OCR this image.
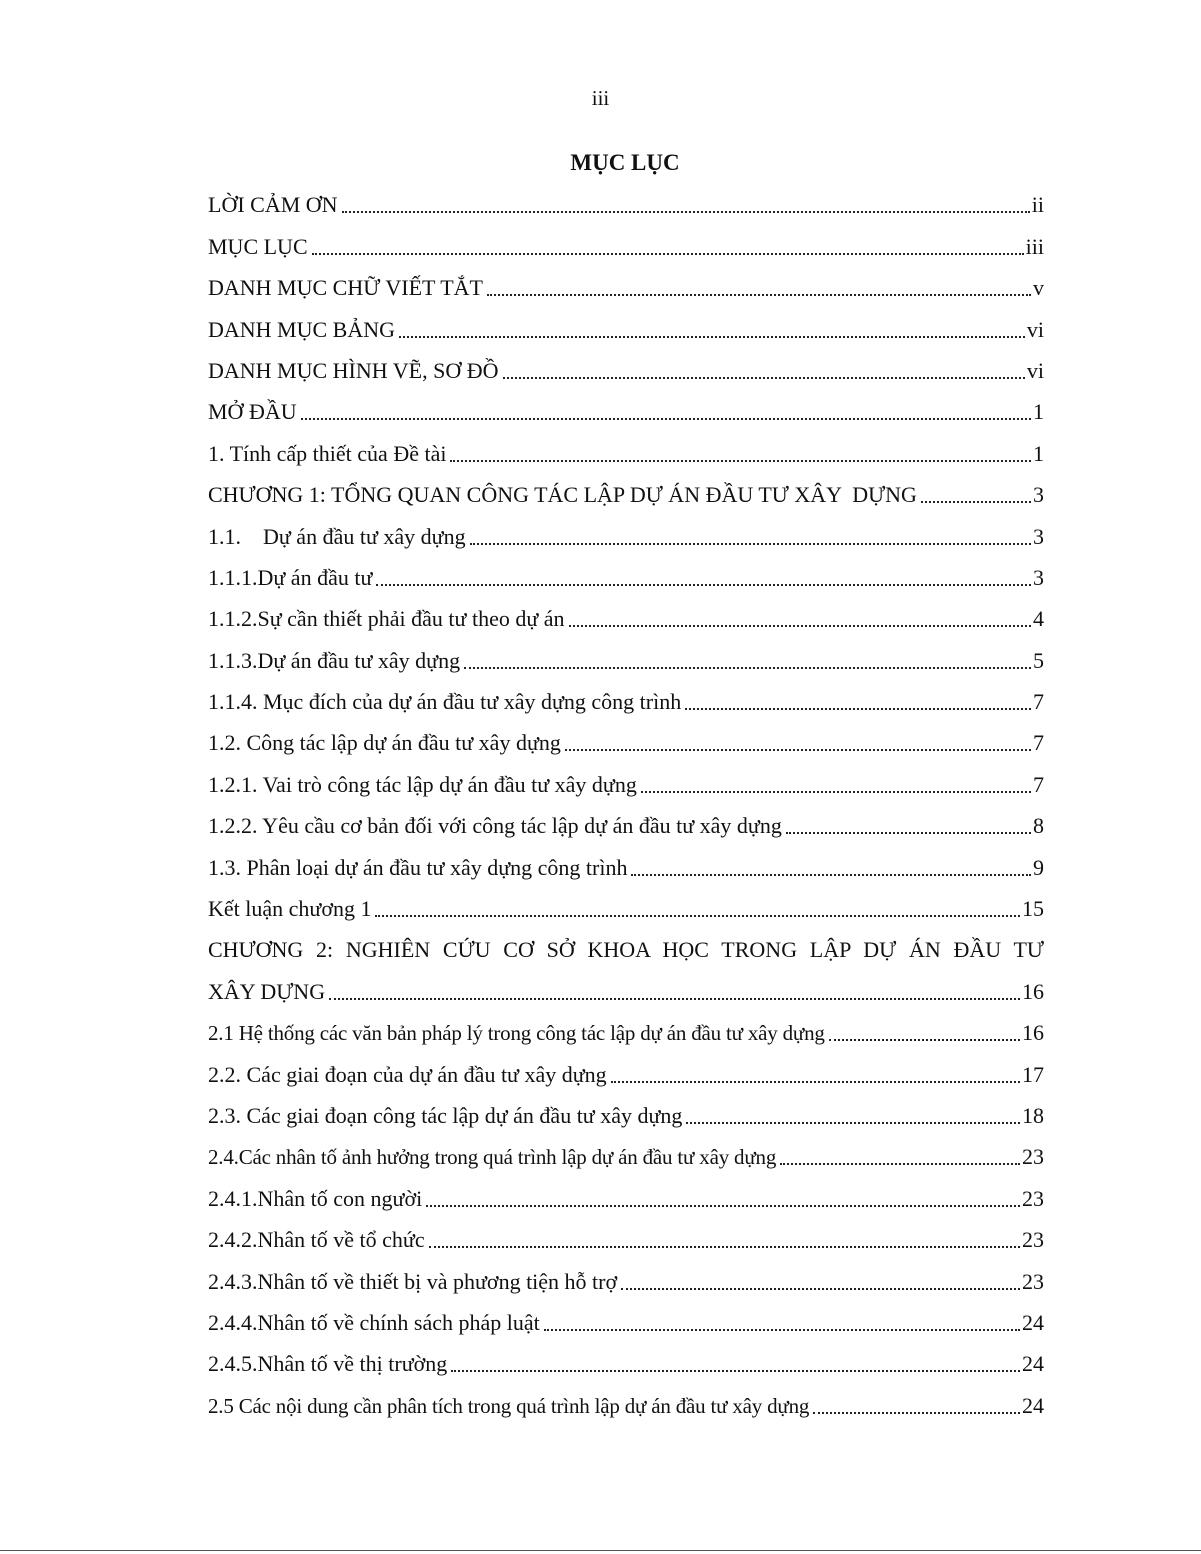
iii
MỤC LỤC
LỜI CẢM ƠN	ii
MỤC LỤC	iii
DANH MỤC CHỮ VIẾT TẮT	v
DANH MỤC BẢNG	vi
DANH MỤC HÌNH VẼ, SƠ ĐỒ	vi
MỞ ĐẦU	1
1. Tính cấp thiết của Đề tài	1
CHƯƠNG 1: TỔNG QUAN CÔNG TÁC LẬP DỰ ÁN ĐẦU TƯ XÂY  DỰNG	3
1.1.    Dự án đầu tư xây dựng	3
1.1.1.Dự án đầu tư	3
1.1.2.Sự cần thiết phải đầu tư theo dự án	4
1.1.3.Dự án đầu tư xây dựng	5
1.1.4. Mục đích của dự án đầu tư xây dựng công trình	7
1.2. Công tác lập dự án đầu tư xây dựng	7
1.2.1. Vai trò công tác lập dự án đầu tư xây dựng	7
1.2.2. Yêu cầu cơ bản đối với công tác lập dự án đầu tư xây dựng	8
1.3. Phân loại dự án đầu tư xây dựng công trình	9
Kết luận chương 1	15
CHƯƠNG 2: NGHIÊN CỨU CƠ SỞ KHOA HỌC TRONG LẬP DỰ ÁN ĐẦU TƯ
XÂY DỰNG	16
2.1 Hệ thống các văn bản pháp lý trong công tác lập dự án đầu tư xây dựng	16
2.2. Các giai đoạn của dự án đầu tư xây dựng	17
2.3. Các giai đoạn công tác lập dự án đầu tư xây dựng	18
2.4.Các nhân tố ảnh hưởng trong quá trình lập dự án đầu tư xây dựng	23
2.4.1.Nhân tố con người	23
2.4.2.Nhân tố về tổ chức	23
2.4.3.Nhân tố về thiết bị và phương tiện hỗ trợ	23
2.4.4.Nhân tố về chính sách pháp luật	24
2.4.5.Nhân tố về thị trường	24
2.5 Các nội dung cần phân tích trong quá trình lập dự án đầu tư xây dựng	24
